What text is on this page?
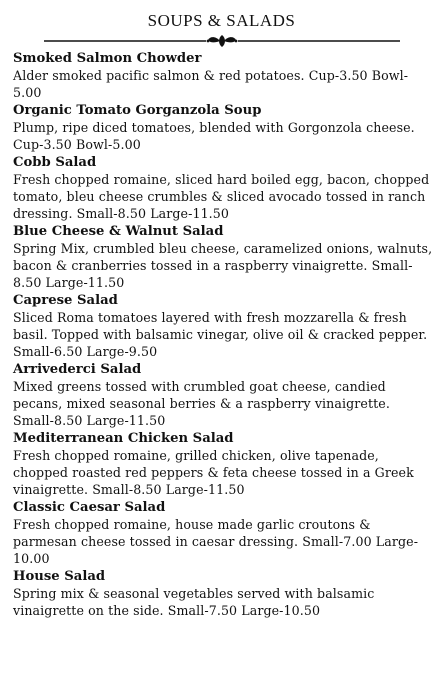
SOUPS & SALADS
Smoked Salmon Chowder
Alder smoked pacific salmon & red potatoes. Cup-3.50 Bowl-5.00
Organic Tomato Gorganzola Soup
Plump, ripe diced tomatoes, blended with Gorgonzola cheese. Cup-3.50 Bowl-5.00
Cobb Salad
Fresh chopped romaine, sliced hard boiled egg, bacon, chopped tomato, bleu cheese crumbles & sliced avocado tossed in ranch dressing. Small-8.50 Large-11.50
Blue Cheese & Walnut Salad
Spring Mix, crumbled bleu cheese, caramelized onions, walnuts, bacon & cranberries tossed in a raspberry vinaigrette. Small-8.50 Large-11.50
Caprese Salad
Sliced Roma tomatoes layered with fresh mozzarella & fresh basil. Topped with balsamic vinegar, olive oil & cracked pepper. Small-6.50 Large-9.50
Arrivederci Salad
Mixed greens tossed with crumbled goat cheese, candied pecans, mixed seasonal berries & a raspberry vinaigrette. Small-8.50 Large-11.50
Mediterranean Chicken Salad
Fresh chopped romaine, grilled chicken, olive tapenade, chopped roasted red peppers & feta cheese tossed in a Greek vinaigrette. Small-8.50 Large-11.50
Classic Caesar Salad
Fresh chopped romaine, house made garlic croutons & parmesan cheese tossed in caesar dressing. Small-7.00 Large-10.00
House Salad
Spring mix & seasonal vegetables served with balsamic vinaigrette on the side. Small-7.50 Large-10.50
